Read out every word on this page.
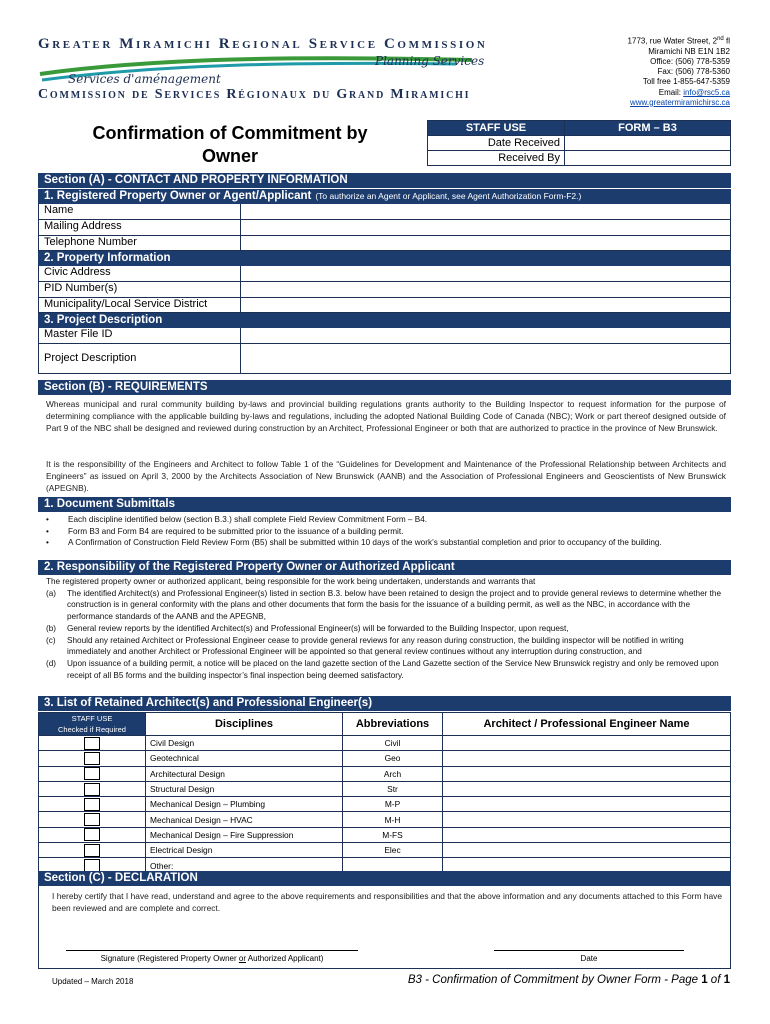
Greater Miramichi Regional Service Commission
Planning Services
Services d'aménagement
Commission de Services Régionaux du Grand Miramichi
1773, rue Water Street, 2nd fl
Miramichi NB E1N 1B2
Office: (506) 778-5359
Fax: (506) 778-5360
Toll free 1-855-647-5359
Email: info@rsc5.ca
www.greatermiramichirsc.ca
Confirmation of Commitment by Owner
STAFF USE	FORM – B3
Date Received	
Received By	
Section (A) - CONTACT AND PROPERTY INFORMATION
1. Registered Property Owner or Agent/Applicant (To authorize an Agent or Applicant, see Agent Authorization Form-F2.)
Name
Mailing Address
Telephone Number
2. Property Information
Civic Address
PID Number(s)
Municipality/Local Service District
3. Project Description
Master File ID
Project Description
Section (B) - REQUIREMENTS
Whereas municipal and rural community building by-laws and provincial building regulations grants authority to the Building Inspector to request information for the purpose of determining compliance with the applicable building by-laws and regulations, including the adopted National Building Code of Canada (NBC); Work or part thereof designed outside of Part 9 of the NBC shall be designed and reviewed during construction by an Architect, Professional Engineer or both that are authorized to practice in the province of New Brunswick.
It is the responsibility of the Engineers and Architect to follow Table 1 of the “Guidelines for Development and Maintenance of the Professional Relationship between Architects and Engineers” as issued on April 3, 2000 by the Architects Association of New Brunswick (AANB) and the Association of Professional Engineers and Geoscientists of New Brunswick (APEGNB).
1. Document Submittals
• Each discipline identified below (section B.3.) shall complete Field Review Commitment Form – B4.
• Form B3 and Form B4 are required to be submitted prior to the issuance of a building permit.
• A Confirmation of Construction Field Review Form (B5) shall be submitted within 10 days of the work’s substantial completion and prior to occupancy of the building.
2. Responsibility of the Registered Property Owner or Authorized Applicant
The registered property owner or authorized applicant, being responsible for the work being undertaken, understands and warrants that
(a) The identified Architect(s) and Professional Engineer(s) listed in section B.3. below have been retained to design the project and to provide general reviews to determine whether the construction is in general conformity with the plans and other documents that form the basis for the issuance of a building permit, as well as the NBC, in accordance with the performance standards of the AANB and the APEGNB,
(b) General review reports by the identified Architect(s) and Professional Engineer(s) will be forwarded to the Building Inspector, upon request,
(c) Should any retained Architect or Professional Engineer cease to provide general reviews for any reason during construction, the building inspector will be notified in writing immediately and another Architect or Professional Engineer will be appointed so that general review continues without any interruption during construction, and
(d) Upon issuance of a building permit, a notice will be placed on the land gazette section of the Land Gazette section of the Service New Brunswick registry and only be removed upon receipt of all B5 forms and the building inspector’s final inspection being deemed satisfactory.
3. List of Retained Architect(s) and Professional Engineer(s)
STAFF USE
Checked if Required	Disciplines	Abbreviations	Architect / Professional Engineer Name

	Civil Design	Civil	

	Geotechnical	Geo	

	Architectural Design	Arch	

	Structural Design	Str	

	Mechanical Design – Plumbing	M-P	

	Mechanical Design – HVAC	M-H	

	Mechanical Design – Fire Suppression	M-FS	

	Electrical Design	Elec	

	Other:		
Section (C) - DECLARATION
I hereby certify that I have read, understand and agree to the above requirements and responsibilities and that the above information and any documents attached to this Form have been reviewed and are complete and correct.
Signature (Registered Property Owner or Authorized Applicant)	Date
Updated – March 2018	B3 - Confirmation of Commitment by Owner Form - Page 1 of 1
